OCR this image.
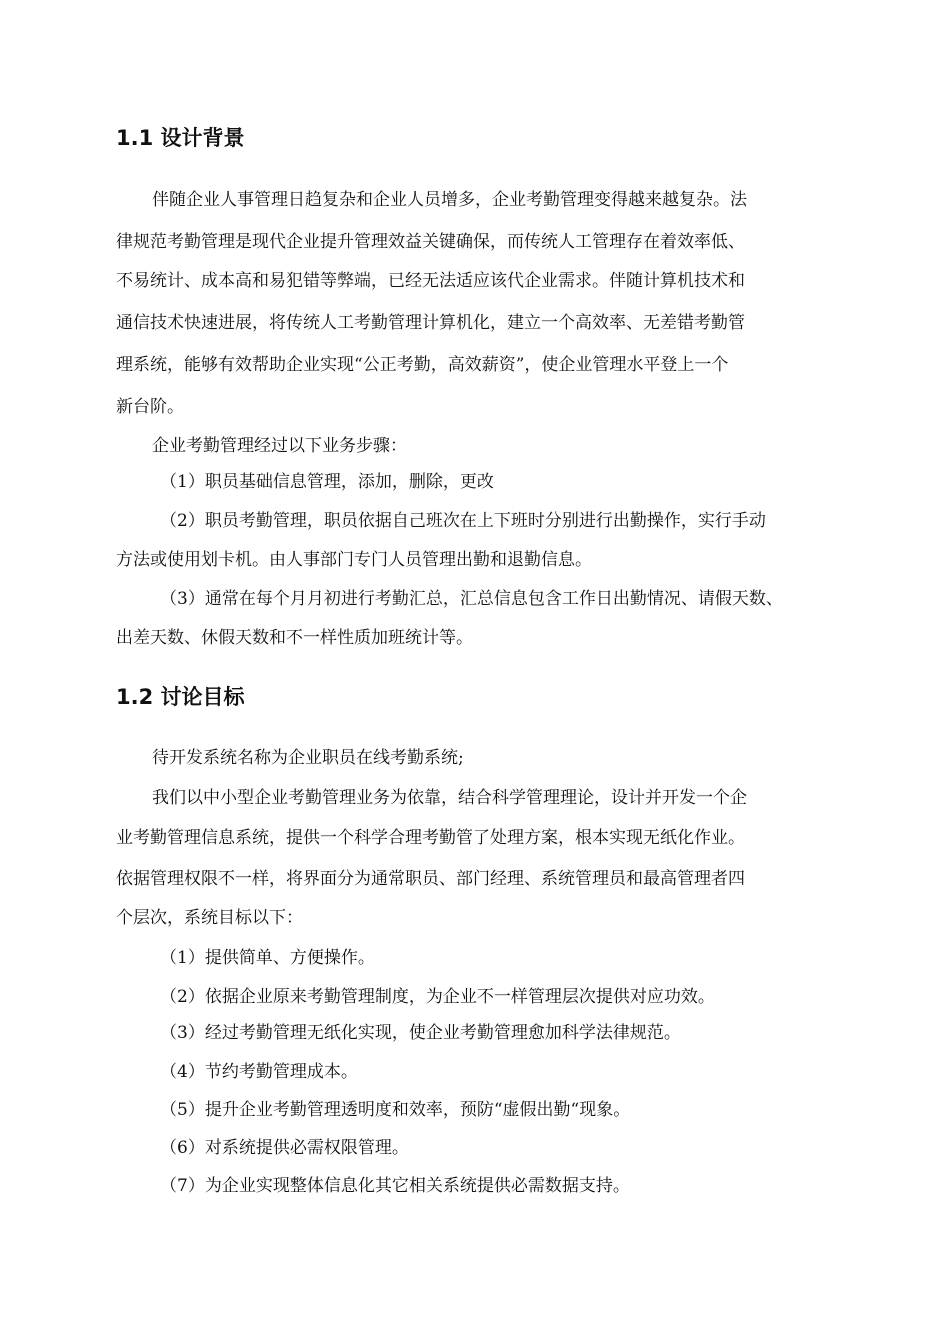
1.1 设计背景

伴随企业人事管理日趋复杂和企业人员增多，企业考勤管理变得越来越复杂。法

律规范考勤管理是现代企业提升管理效益关键确保，而传统人工管理存在着效率低、

不易统计、成本高和易犯错等弊端，已经无法适应该代企业需求。伴随计算机技术和

通信技术快速进展，将传统人工考勤管理计算机化，建立一个高效率、无差错考勤管

理系统，能够有效帮助企业实现“公正考勤，高效薪资”，使企业管理水平登上一个

新台阶。

企业考勤管理经过以下业务步骤：

（1）职员基础信息管理，添加，删除，更改

（2）职员考勤管理，职员依据自己班次在上下班时分别进行出勤操作，实行手动

方法或使用划卡机。由人事部门专门人员管理出勤和退勤信息。

（3）通常在每个月月初进行考勤汇总，汇总信息包含工作日出勤情况、请假天数、

出差天数、休假天数和不一样性质加班统计等。

1.2 讨论目标

待开发系统名称为企业职员在线考勤系统;

我们以中小型企业考勤管理业务为依靠，结合科学管理理论，设计并开发一个企

业考勤管理信息系统，提供一个科学合理考勤管了处理方案，根本实现无纸化作业。

依据管理权限不一样，将界面分为通常职员、部门经理、系统管理员和最高管理者四

个层次，系统目标以下：

（1）提供简单、方便操作。

（2）依据企业原来考勤管理制度，为企业不一样管理层次提供对应功效。

（3）经过考勤管理无纸化实现，使企业考勤管理愈加科学法律规范。

（4）节约考勤管理成本。

（5）提升企业考勤管理透明度和效率，预防“虚假出勤“现象。

（6）对系统提供必需权限管理。

（7）为企业实现整体信息化其它相关系统提供必需数据支持。
